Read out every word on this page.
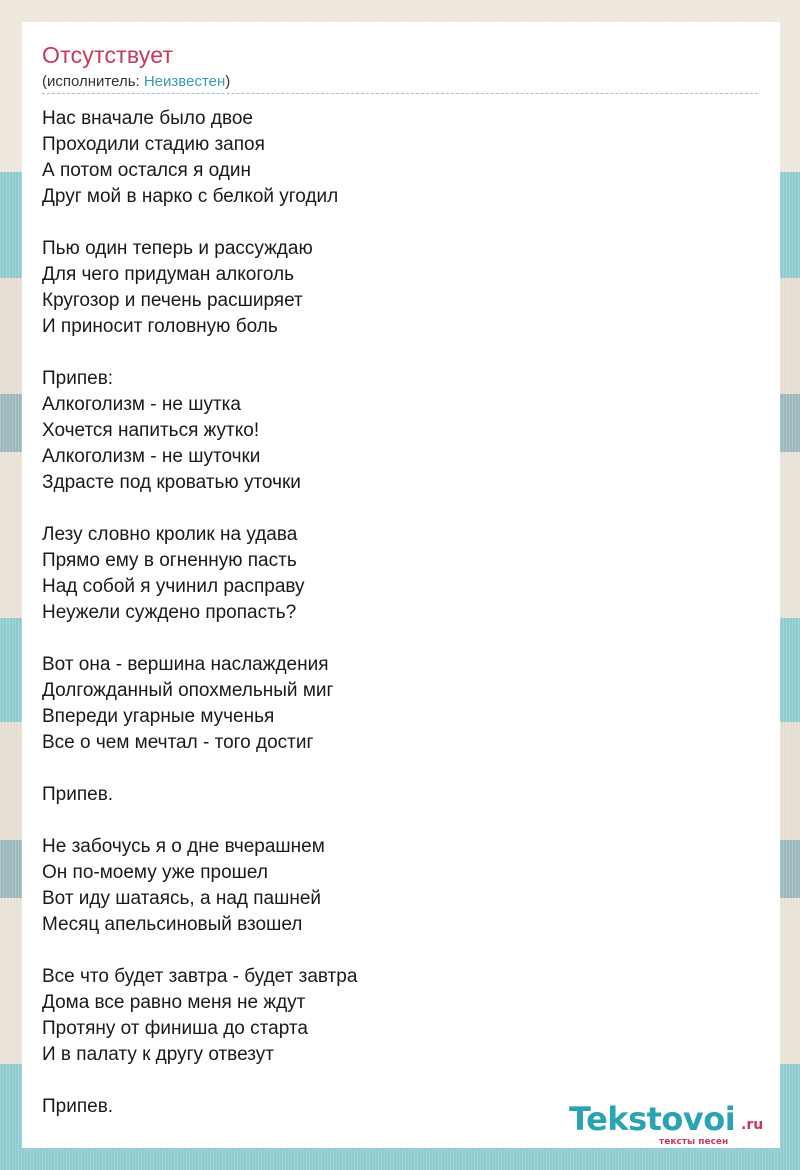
Отсутствует
(исполнитель: Неизвестен)
Нас вначале было двое
Проходили стадию запоя
А потом остался я один
Друг мой в нарко с белкой угодил
Пью один теперь и рассуждаю
Для чего придуман алкоголь
Кругозор и печень расширяет
И приносит головную боль
Припев:
Алкоголизм - не шутка
Хочется напиться жутко!
Алкоголизм - не шуточки
Здрасте под кроватью уточки
Лезу словно кролик на удава
Прямо ему в огненную пасть
Над собой я учинил расправу
Неужели суждено пропасть?
Вот она - вершина наслаждения
Долгожданный опохмельный миг
Впереди угарные мученья
Все о чем мечтал - того достиг
Припев.
Не забочусь я о дне вчерашнем
Он по-моему уже прошел
Вот иду шатаясь, а над пашней
Месяц апельсиновый взошел
Все что будет завтра - будет завтра
Дома все равно меня не ждут
Протяну от финиша до старта
И в палату к другу отвезут
Припев.	Tekstovoi .ru
тексты песен
